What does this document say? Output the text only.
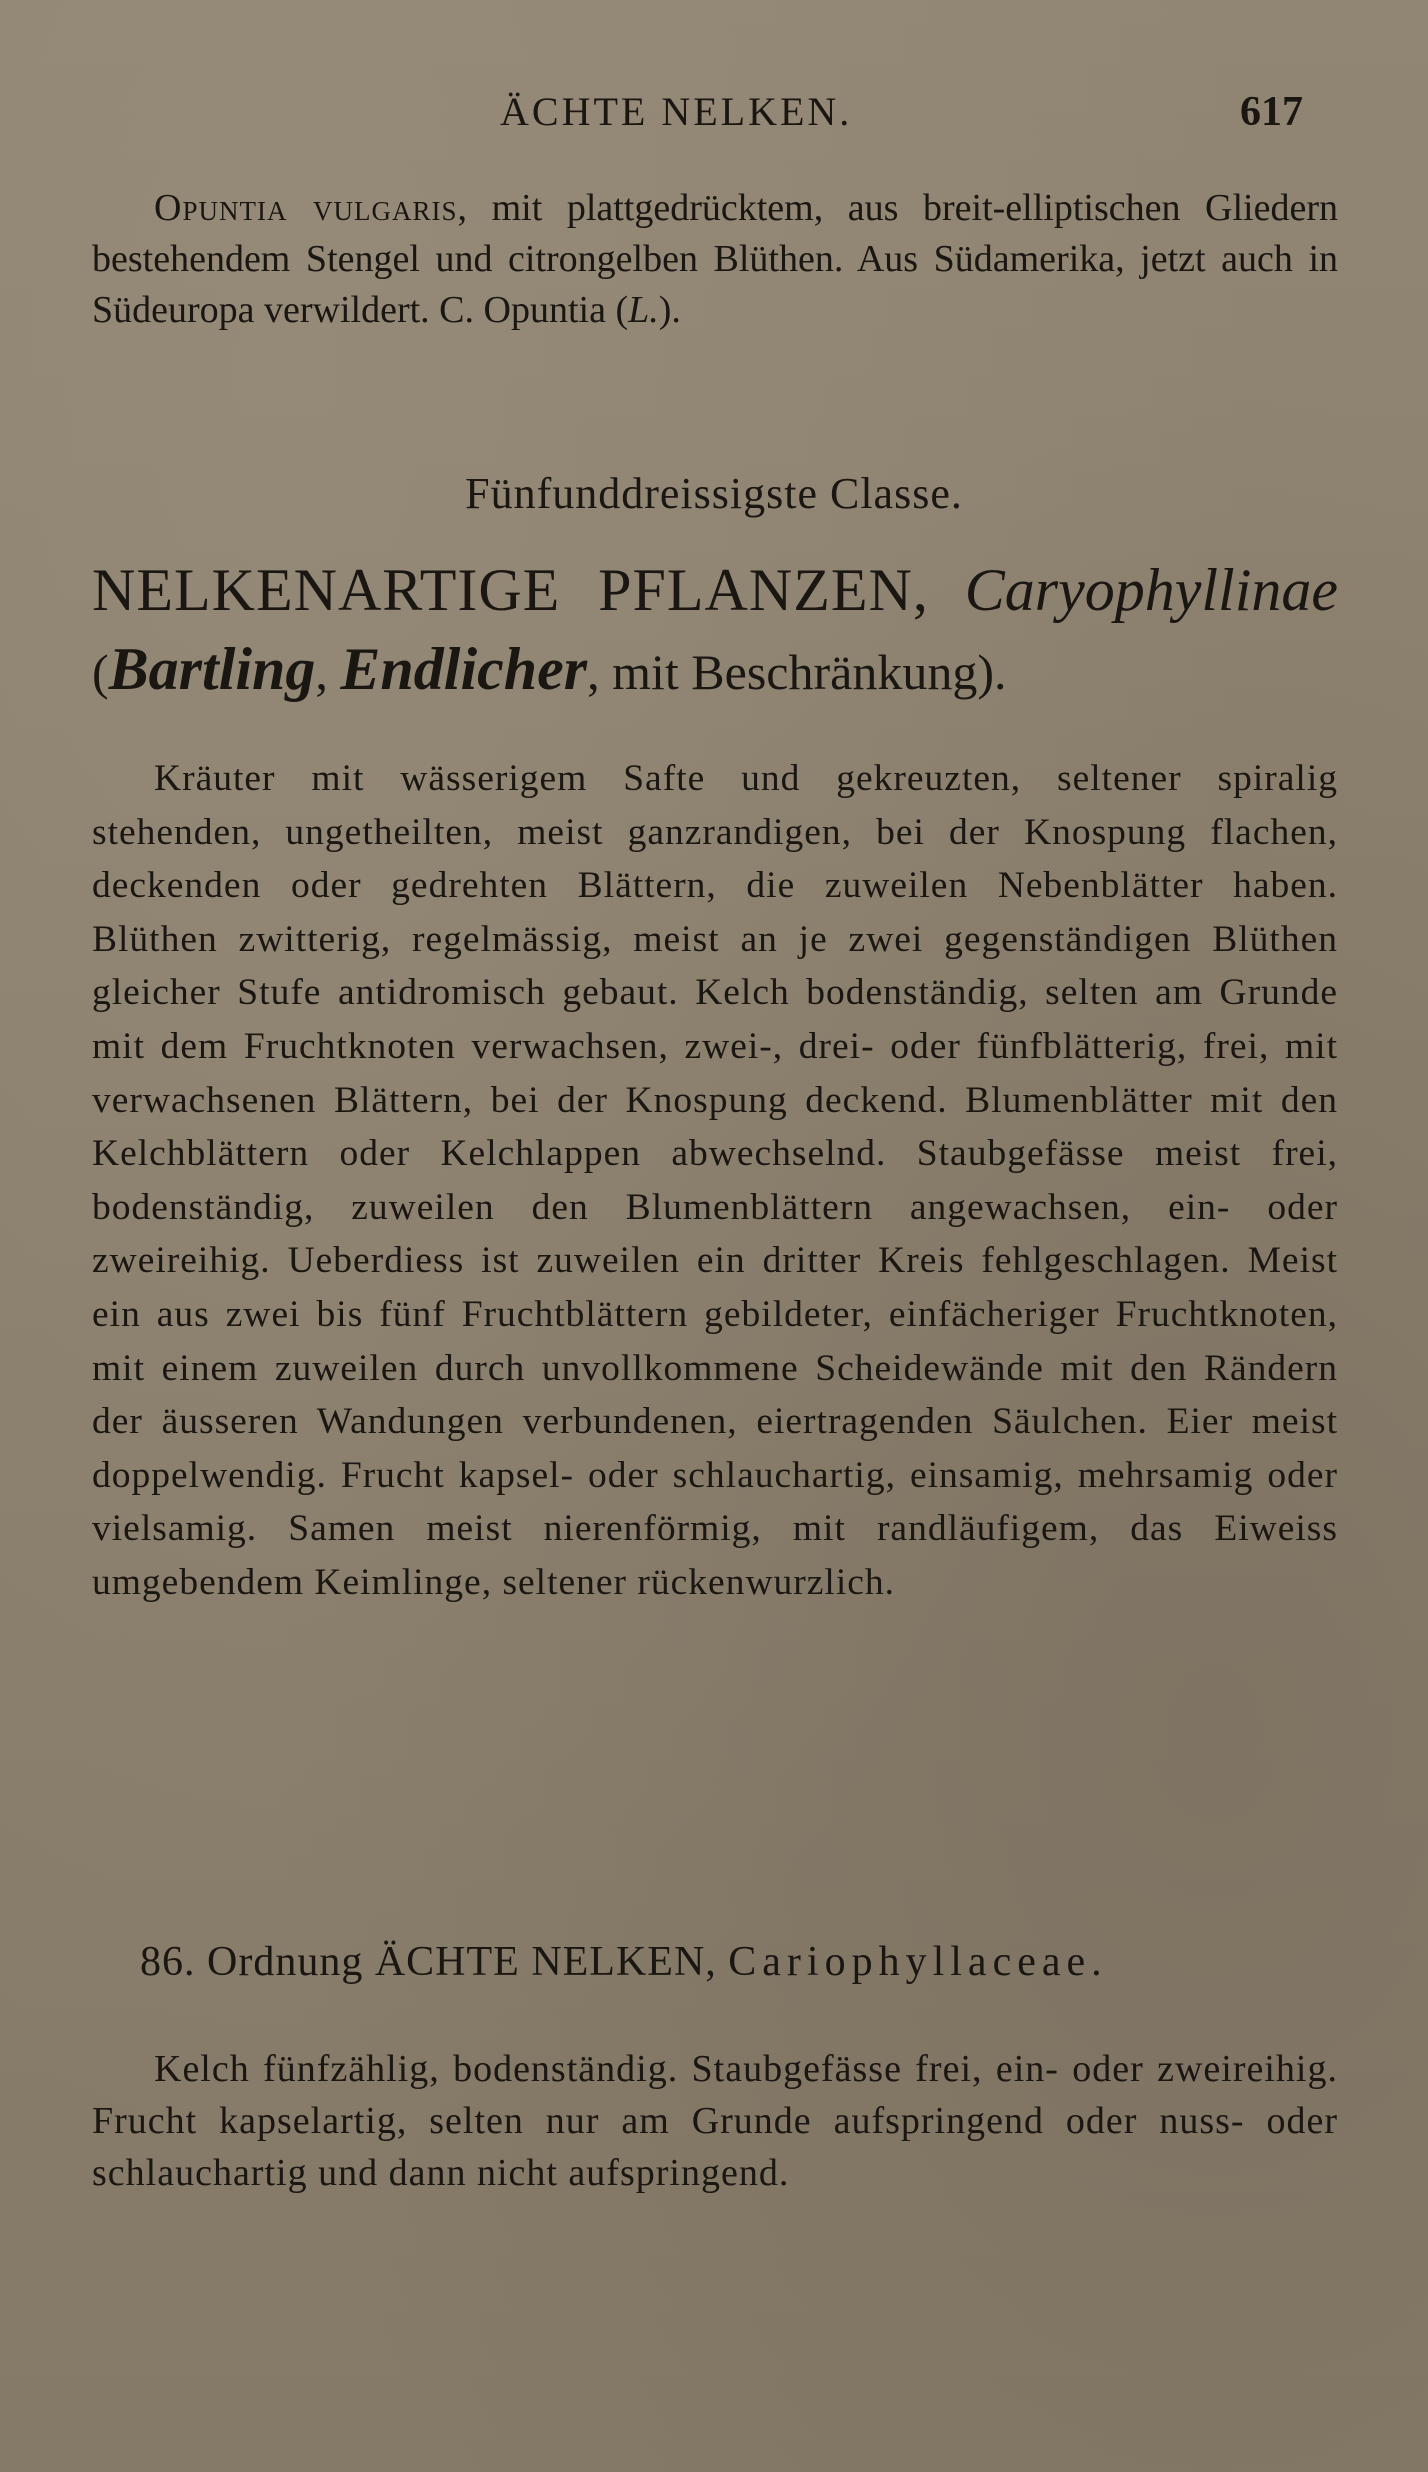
ÄCHTE NELKEN.	617

Opuntia vulgaris, mit plattgedrücktem, aus breit-elliptischen Gliedern bestehendem Stengel und citrongelben Blüthen. Aus Südamerika, jetzt auch in Südeuropa verwildert. C. Opuntia (L.).

Fünfunddreissigste Classe.
NELKENARTIGE PFLANZEN, Caryophyllinae (Bartling, Endlicher, mit Beschränkung).

Kräuter mit wässerigem Safte und gekreuzten, seltener spiralig stehenden, ungetheilten, meist ganzrandigen, bei der Knospung flachen, deckenden oder gedrehten Blättern, die zuweilen Nebenblätter haben. Blüthen zwitterig, regelmässig, meist an je zwei gegenständigen Blüthen gleicher Stufe antidromisch gebaut. Kelch bodenständig, selten am Grunde mit dem Fruchtknoten verwachsen, zwei-, drei- oder fünfblätterig, frei, mit verwachsenen Blättern, bei der Knospung deckend. Blumenblätter mit den Kelchblättern oder Kelchlappen abwechselnd. Staubgefässe meist frei, bodenständig, zuweilen den Blumenblättern angewachsen, ein- oder zweireihig. Ueberdiess ist zuweilen ein dritter Kreis fehlgeschlagen. Meist ein aus zwei bis fünf Fruchtblättern gebildeter, einfächeriger Fruchtknoten, mit einem zuweilen durch unvollkommene Scheidewände mit den Rändern der äusseren Wandungen verbundenen, eiertragenden Säulchen. Eier meist doppelwendig. Frucht kapsel- oder schlauchartig, einsamig, mehrsamig oder vielsamig. Samen meist nierenförmig, mit randläufigem, das Eiweiss umgebendem Keimlinge, seltener rückenwurzlich.

86. Ordnung ÄCHTE NELKEN, Cariophyllaceae.

Kelch fünfzählig, bodenständig. Staubgefässe frei, ein- oder zweireihig. Frucht kapselartig, selten nur am Grunde aufspringend oder nuss- oder schlauchartig und dann nicht aufspringend.
